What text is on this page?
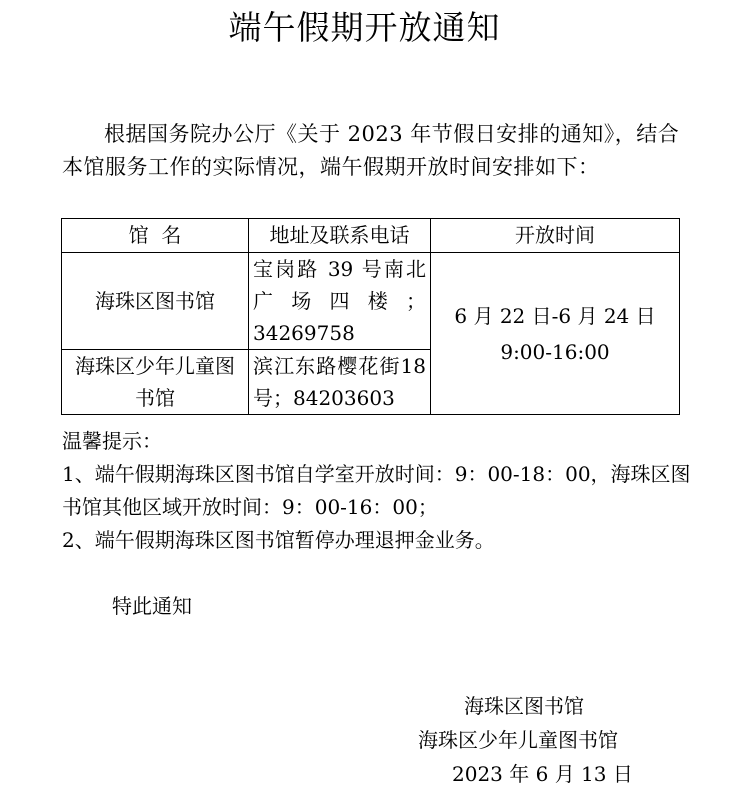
端午假期开放通知
根据国务院办公厅《关于 2023 年节假日安排的通知》，结合本馆服务工作的实际情况，端午假期开放时间安排如下：
馆  名	地址及联系电话	开放时间
海珠区图书馆	宝岗路 39 号南北广场四楼；34269758	6 月 22 日-6 月 24 日
9:00-16:00

海珠区少年儿童图书馆	滨江东路樱花街18 号；84203603	

温馨提示：

1、端午假期海珠区图书馆自学室开放时间：9：00-18：00，海珠区图书馆其他区域开放时间：9：00-16：00；

2、端午假期海珠区图书馆暂停办理退押金业务。

特此通知
海珠区图书馆
海珠区少年儿童图书馆
2023 年 6 月 13 日
